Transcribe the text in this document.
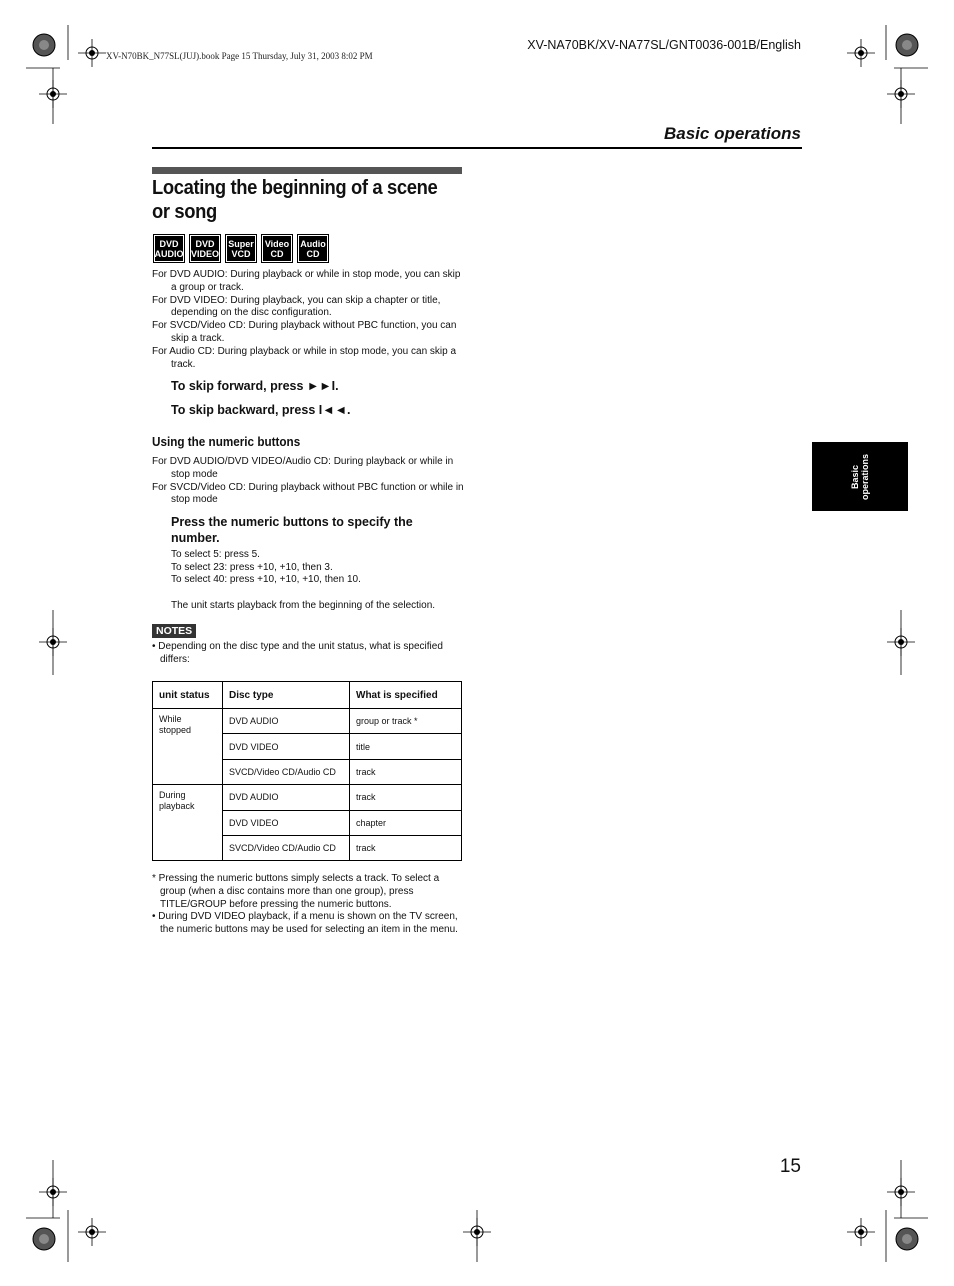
XV-N70BK_N77SL(JUJ).book Page 15 Thursday, July 31, 2003 8:02 PM
XV-NA70BK/XV-NA77SL/GNT0036-001B/English
Basic operations
Locating the beginning of a scene or song
DVD
AUDIO
DVD
VIDEO
Super
VCD
Video
CD
Audio
CD
For DVD AUDIO: During playback or while in stop mode, you can skip a group or track.
For DVD VIDEO: During playback, you can skip a chapter or title, depending on the disc configuration.
For SVCD/Video CD: During playback without PBC function, you can skip a track.
For Audio CD: During playback or while in stop mode, you can skip a track.
To skip forward, press ►►I.
To skip backward, press I◄◄.
Using the numeric buttons
For DVD AUDIO/DVD VIDEO/Audio CD: During playback or while in stop mode
For SVCD/Video CD: During playback without PBC function or while in stop mode
Press the numeric buttons to specify the number.
To select 5: press 5.
To select 23: press +10, +10, then 3.
To select 40: press +10, +10, +10, then 10.
The unit starts playback from the beginning of the selection.
NOTES
• Depending on the disc type and the unit status, what is specified differs:
unit status	Disc type	What is specified
While stopped	DVD AUDIO	group or track *
	DVD VIDEO	title
	SVCD/Video CD/Audio CD	track
During playback	DVD AUDIO	track
	DVD VIDEO	chapter
	SVCD/Video CD/Audio CD	track
* Pressing the numeric buttons simply selects a track. To select a group (when a disc contains more than one group), press TITLE/GROUP before pressing the numeric buttons.
• During DVD VIDEO playback, if a menu is shown on the TV screen, the numeric buttons may be used for selecting an item in the menu.
Basic operations
15
